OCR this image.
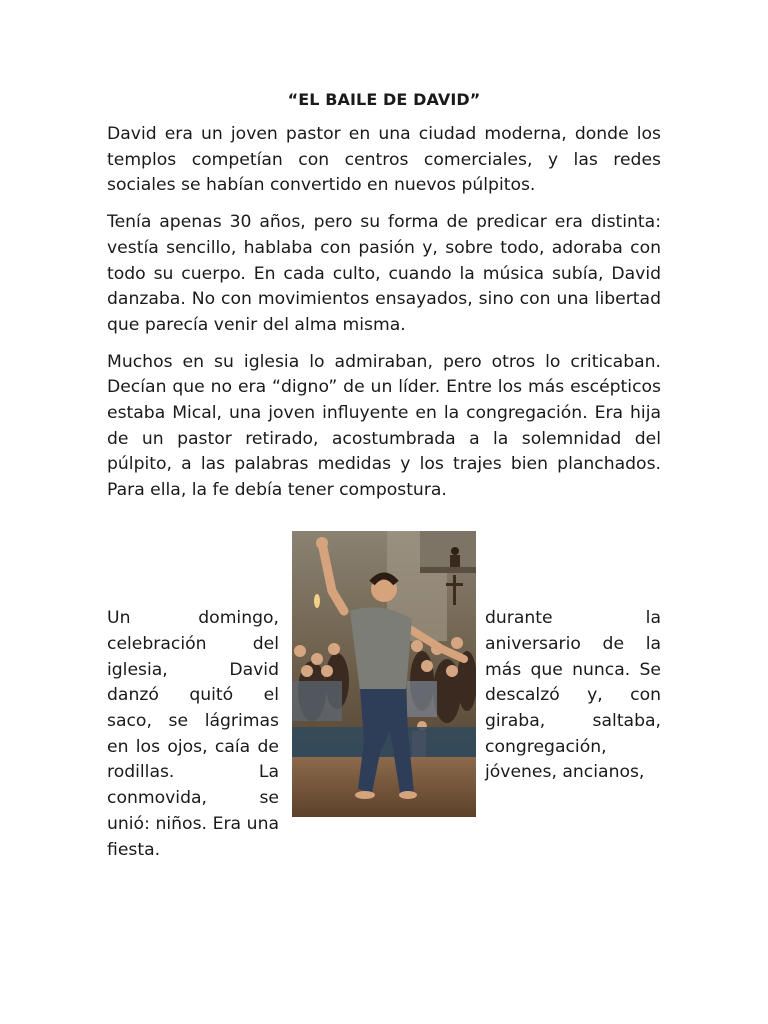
“EL BAILE DE DAVID”

David era un joven pastor en una ciudad moderna, donde los templos competían con centros comerciales, y las redes sociales se habían convertido en nuevos púlpitos.

Tenía apenas 30 años, pero su forma de predicar era distinta: vestía sencillo, hablaba con pasión y, sobre todo, adoraba con todo su cuerpo. En cada culto, cuando la música subía, David danzaba. No con movimientos ensayados, sino con una libertad que parecía venir del alma misma.

Muchos en su iglesia lo admiraban, pero otros lo criticaban. Decían que no era “digno” de un líder. Entre los más escépticos estaba Mical, una joven influyente en la congregación. Era hija de un pastor retirado, acostumbrada a la solemnidad del púlpito, a las palabras medidas y los trajes bien planchados. Para ella, la fe debía tener compostura.

Un domingo, celebración del iglesia, David danzó quitó el saco, se lágrimas en los ojos, caía de rodillas. La conmovida, se unió: niños. Era una fiesta.

durante la aniversario de la más que nunca. Se descalzó y, con giraba, saltaba, congregación, jóvenes, ancianos,
